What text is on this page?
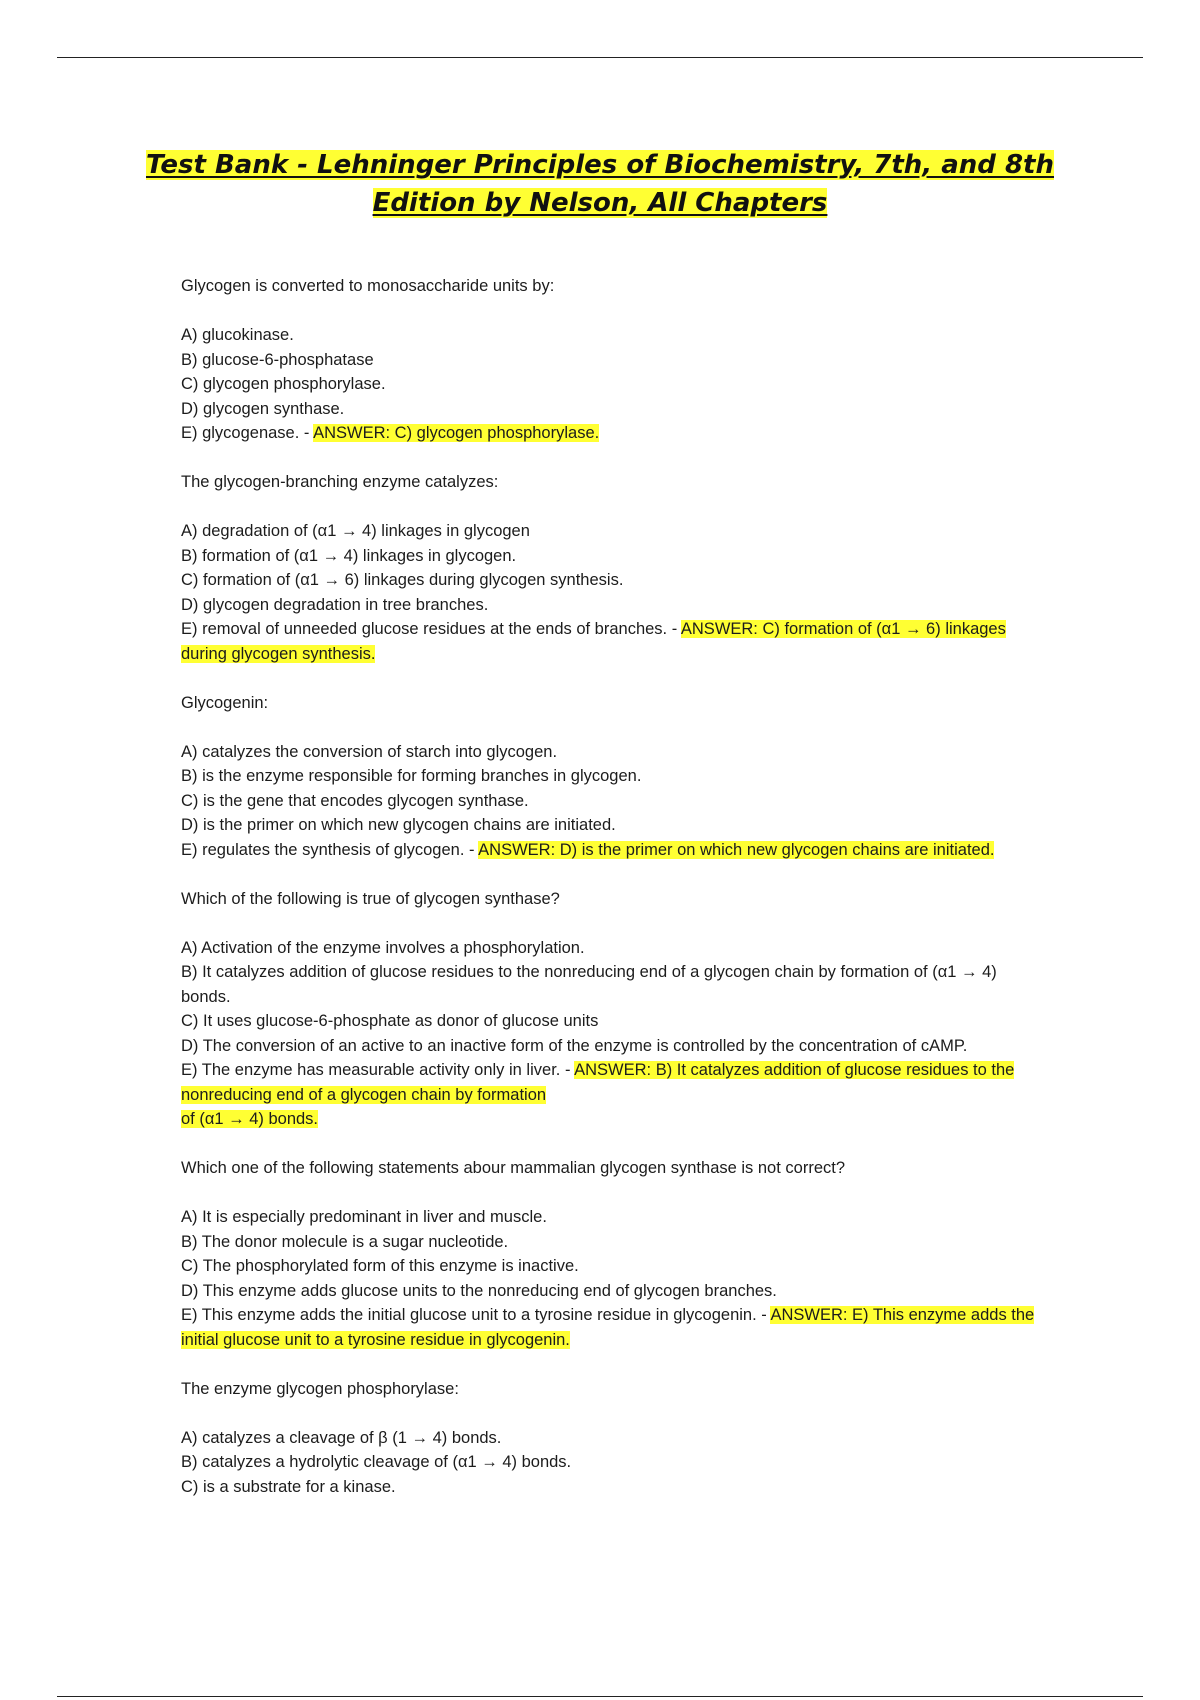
Test Bank - Lehninger Principles of Biochemistry, 7th, and 8th
Edition by Nelson, All Chapters

Glycogen is converted to monosaccharide units by:

A) glucokinase.

B) glucose-6-phosphatase

C) glycogen phosphorylase.

D) glycogen synthase.

E) glycogenase. - ANSWER: C) glycogen phosphorylase.

The glycogen-branching enzyme catalyzes:

A) degradation of (α1 → 4) linkages in glycogen

B) formation of (α1 → 4) linkages in glycogen.

C) formation of (α1 → 6) linkages during glycogen synthesis.

D) glycogen degradation in tree branches.

E) removal of unneeded glucose residues at the ends of branches. - ANSWER: C) formation of (α1 → 6) linkages during glycogen synthesis.

Glycogenin:

A) catalyzes the conversion of starch into glycogen.

B) is the enzyme responsible for forming branches in glycogen.

C) is the gene that encodes glycogen synthase.

D) is the primer on which new glycogen chains are initiated.

E) regulates the synthesis of glycogen. - ANSWER: D) is the primer on which new glycogen chains are initiated.

Which of the following is true of glycogen synthase?

A) Activation of the enzyme involves a phosphorylation.

B) It catalyzes addition of glucose residues to the nonreducing end of a glycogen chain by formation of (α1 → 4) bonds.

C) It uses glucose-6-phosphate as donor of glucose units

D) The conversion of an active to an inactive form of the enzyme is controlled by the concentration of cAMP.

E) The enzyme has measurable activity only in liver. - ANSWER: B) It catalyzes addition of glucose residues to the nonreducing end of a glycogen chain by formation
of (α1 → 4) bonds.

Which one of the following statements abour mammalian glycogen synthase is not correct?

A) It is especially predominant in liver and muscle.

B) The donor molecule is a sugar nucleotide.

C) The phosphorylated form of this enzyme is inactive.

D) This enzyme adds glucose units to the nonreducing end of glycogen branches.

E) This enzyme adds the initial glucose unit to a tyrosine residue in glycogenin. - ANSWER: E) This enzyme adds the initial glucose unit to a tyrosine residue in glycogenin.

The enzyme glycogen phosphorylase:

A) catalyzes a cleavage of β (1 → 4) bonds.

B) catalyzes a hydrolytic cleavage of (α1 → 4) bonds.

C) is a substrate for a kinase.
